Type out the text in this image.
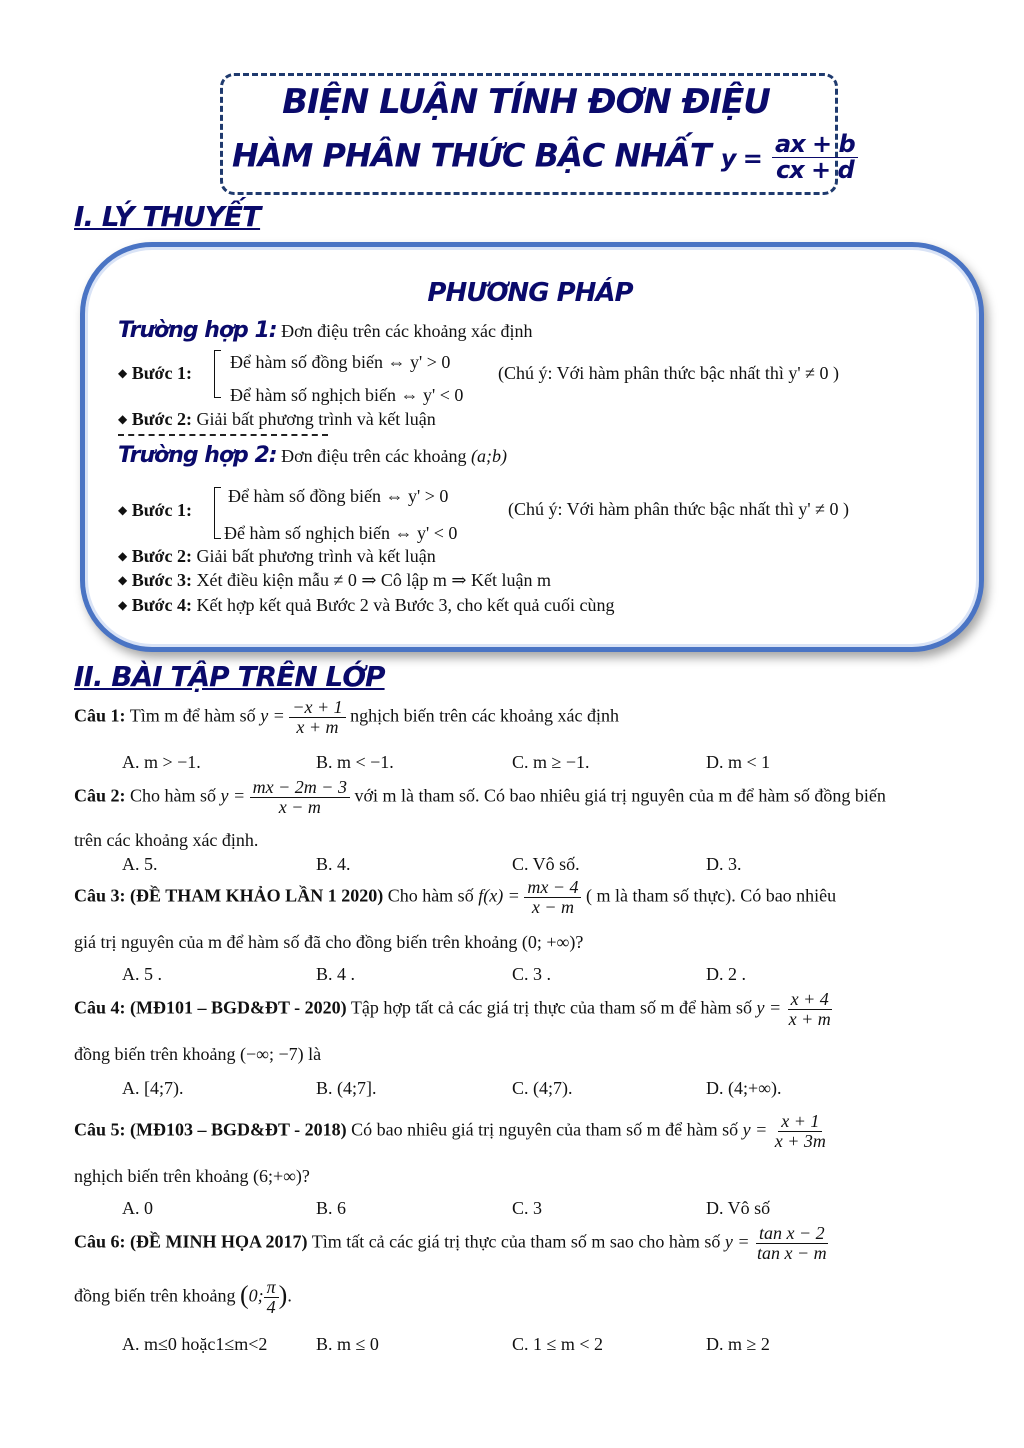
BIỆN LUẬN TÍNH ĐƠN ĐIỆU
HÀM PHÂN THỨC BẬC NHẤT $y = \frac{ax + b}{cx + d}$
I. LÝ THUYẾT
PHƯƠNG PHÁP
Trường hợp 1: Đơn điệu trên các khoảng xác định
◆ Bước 1:
Để hàm số đồng biến ⇔ y' > 0
Để hàm số nghịch biến ⇔ y' < 0
(Chú ý: Với hàm phân thức bậc nhất thì y' ≠ 0 )
◆ Bước 2: Giải bất phương trình và kết luận
Trường hợp 2: Đơn điệu trên các khoảng (a;b)
◆ Bước 1:
Để hàm số đồng biến ⇔ y' > 0
Để hàm số nghịch biến ⇔ y' < 0
(Chú ý: Với hàm phân thức bậc nhất thì y' ≠ 0 )
◆ Bước 2: Giải bất phương trình và kết luận
◆ Bước 3: Xét điều kiện mẫu ≠ 0 ⇒ Cô lập m ⇒ Kết luận m
◆ Bước 4: Kết hợp kết quả Bước 2 và Bước 3, cho kết quả cuối cùng
II. BÀI TẬP TRÊN LỚP
Câu 1: Tìm m để hàm số $y = \frac{-x + 1}{x + m}$ nghịch biến trên các khoảng xác định
A. m > −1.	B. m < −1.	C. m ≥ −1.	D. m < 1
Câu 2: Cho hàm số $y = \frac{mx - 2m - 3}{x - m}$ với m là tham số. Có bao nhiêu giá trị nguyên của m để hàm số đồng biến
trên các khoảng xác định.
A. 5.	B. 4.	C. Vô số.	D. 3.
Câu 3: (ĐỀ THAM KHẢO LẦN 1 2020) Cho hàm số $f(x) = \frac{mx - 4}{x - m}$ ( m là tham số thực). Có bao nhiêu
giá trị nguyên của m để hàm số đã cho đồng biến trên khoảng (0; +∞)?
A. 5 .	B. 4 .	C. 3 .	D. 2 .
Câu 4: (MĐ101 – BGD&ĐT - 2020) Tập hợp tất cả các giá trị thực của tham số m để hàm số $y = \frac{x + 4}{x + m}$
đồng biến trên khoảng (−∞; −7) là
A. [4;7).	B. (4;7].	C. (4;7).	D. (4;+∞).
Câu 5: (MĐ103 – BGD&ĐT - 2018) Có bao nhiêu giá trị nguyên của tham số m để hàm số $y = \frac{x + 1}{x + 3m}$
nghịch biến trên khoảng (6;+∞)?
A. 0	B. 6	C. 3	D. Vô số
Câu 6: (ĐỀ MINH HỌA 2017) Tìm tất cả các giá trị thực của tham số m sao cho hàm số $y = \frac{\text{tan x − 2}}{\text{tan x − m}}$
đồng biến trên khoảng (0; $\frac{\pi}{4}$ ).
A. m≤0 hoặc1≤m<2	B. m ≤ 0	C. 1 ≤ m < 2	D. m ≥ 2
